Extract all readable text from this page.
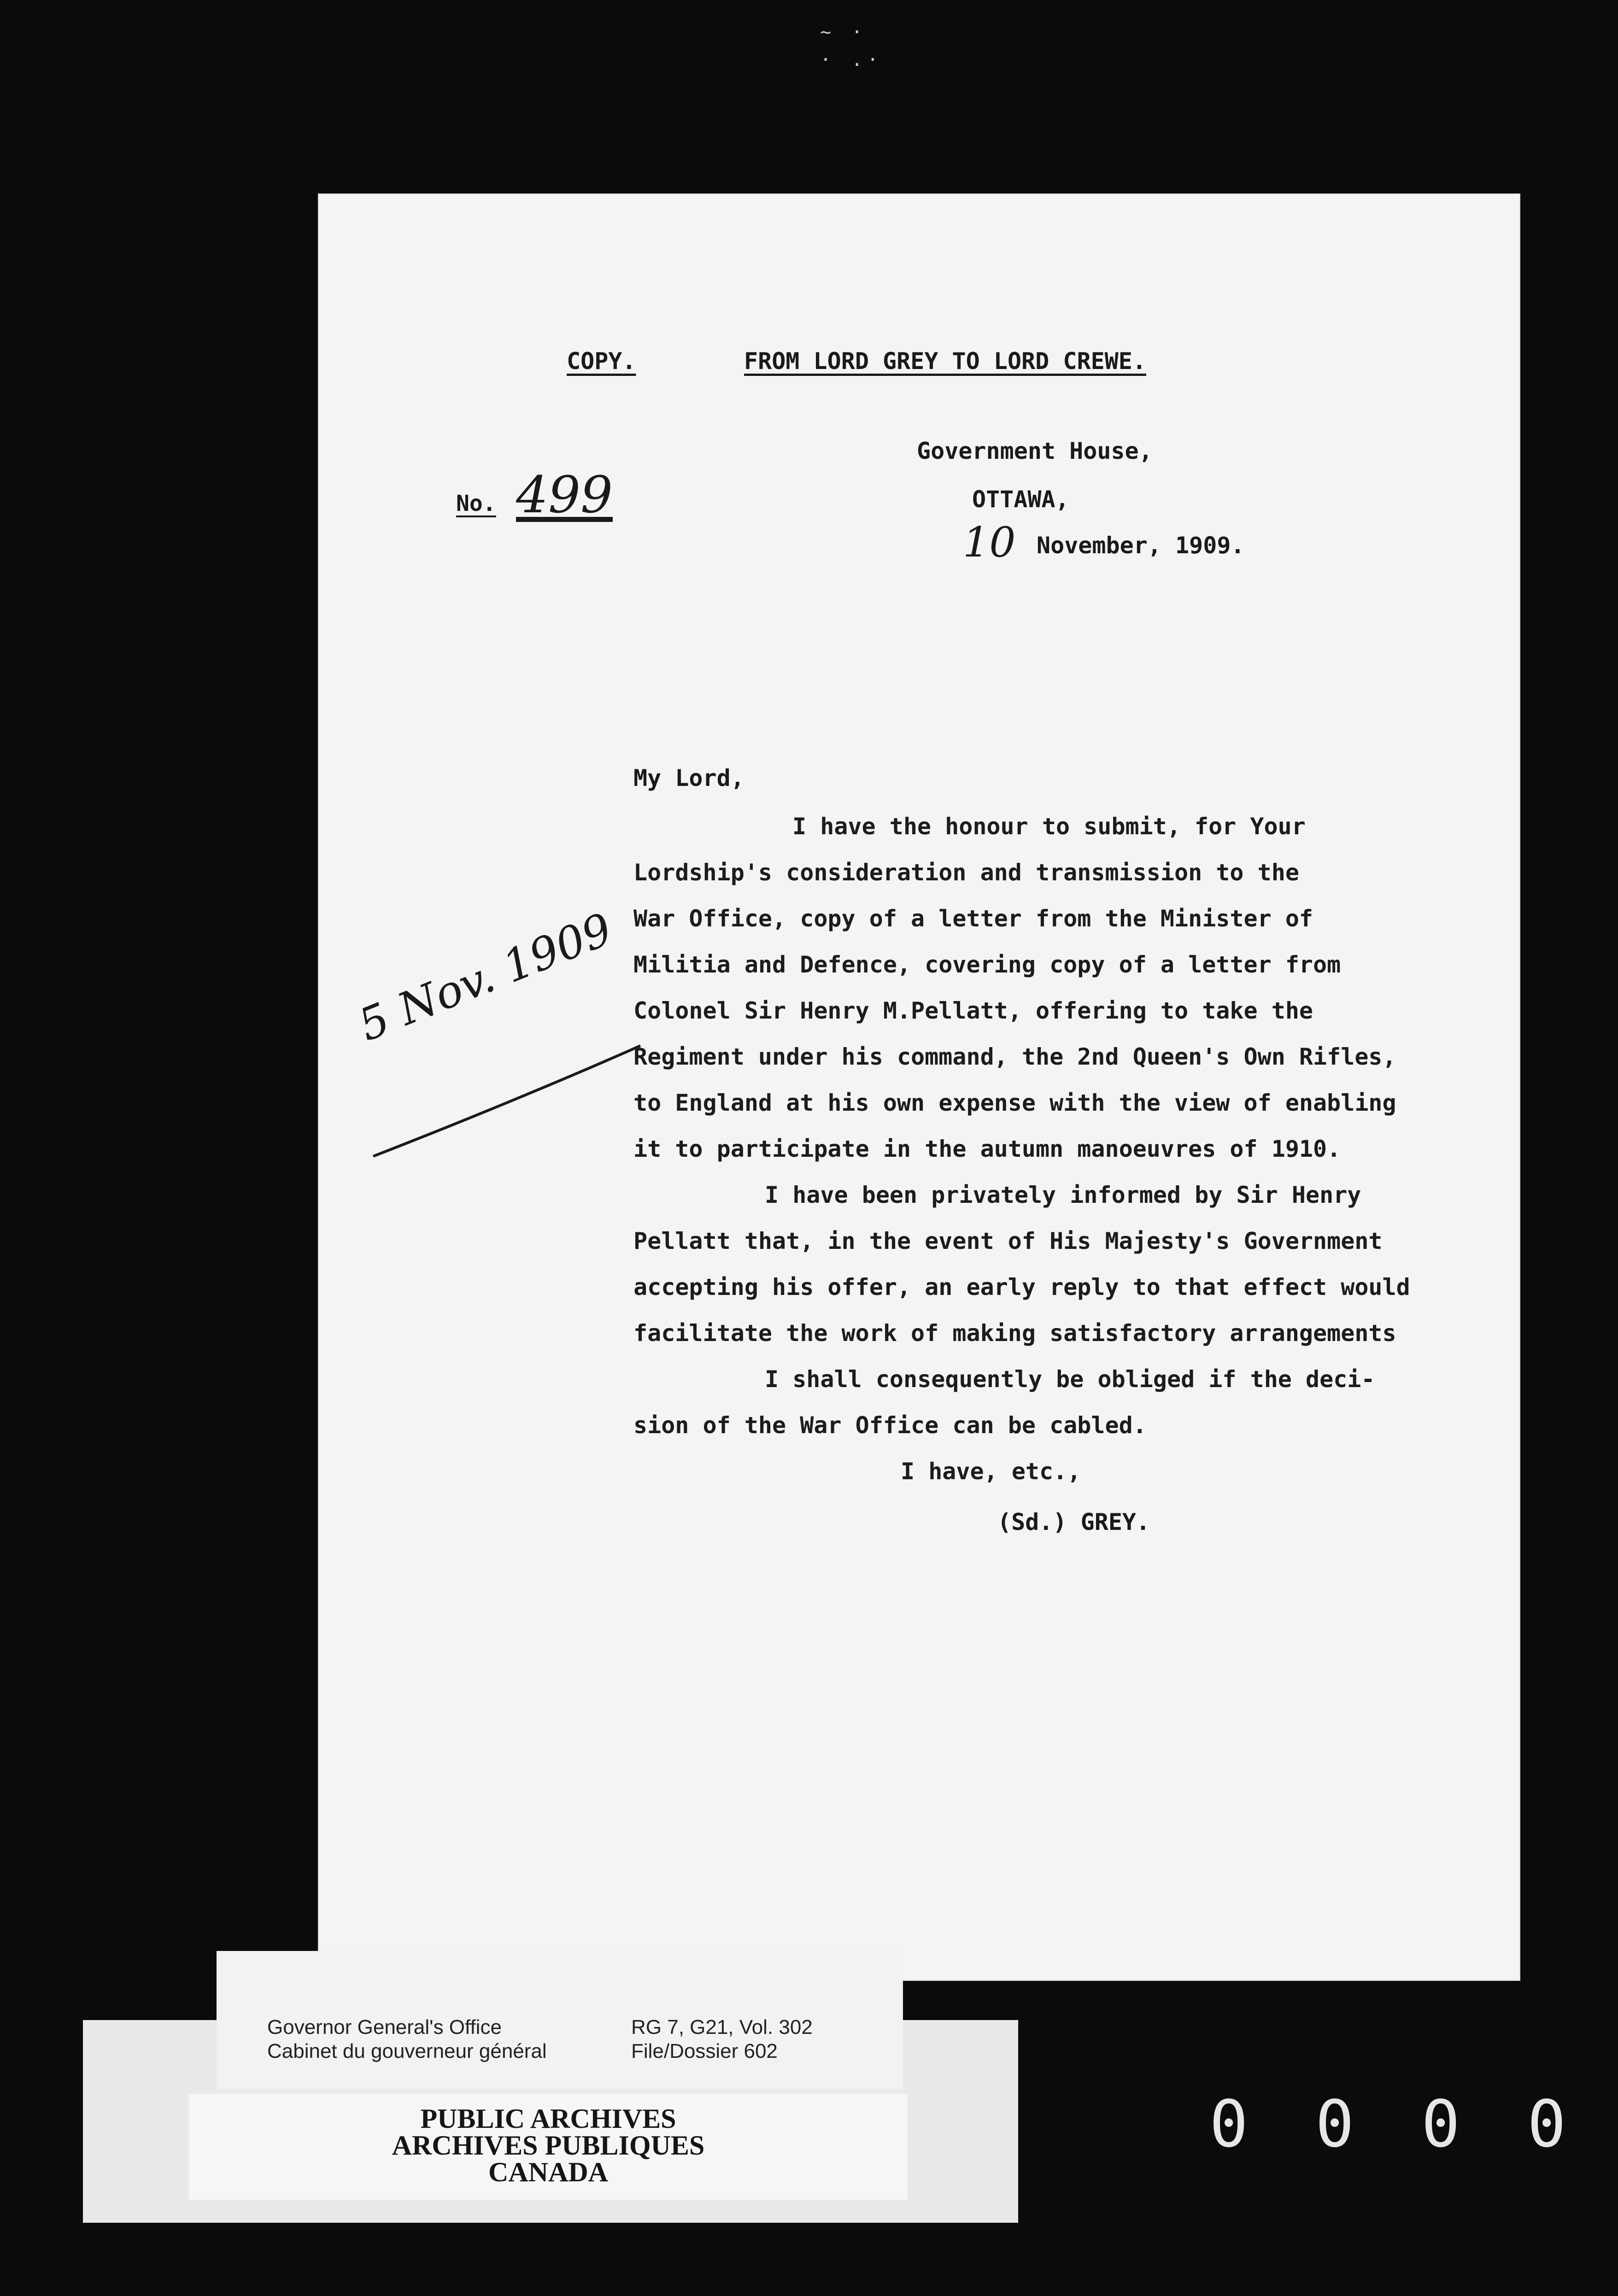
~ ·
· .·
COPY.	FROM LORD GREY TO LORD CREWE.
No. 499
Government House,
OTTAWA,
10 November, 1909.
5 Nov. 1909
My Lord,
I have the honour to submit, for Your
Lordship's consideration and transmission to the
War Office, copy of a letter from the Minister of
Militia and Defence, covering copy of a letter from
Colonel Sir Henry M.Pellatt, offering to take the
Regiment under his command, the 2nd Queen's Own Rifles,
to England at his own expense with the view of enabling
it to participate in the autumn manoeuvres of 1910.
I have been privately informed by Sir Henry
Pellatt that, in the event of His Majesty's Government
accepting his offer, an early reply to that effect would
facilitate the work of making satisfactory arrangements
I shall consequently be obliged if the deci-
sion of the War Office can be cabled.
I have, etc.,
(Sd.) GREY.
Governor General's Office
Cabinet du gouverneur général
RG 7, G21, Vol. 302
File/Dossier 602
PUBLIC ARCHIVES
ARCHIVES PUBLIQUES
CANADA
0 0 0 0
